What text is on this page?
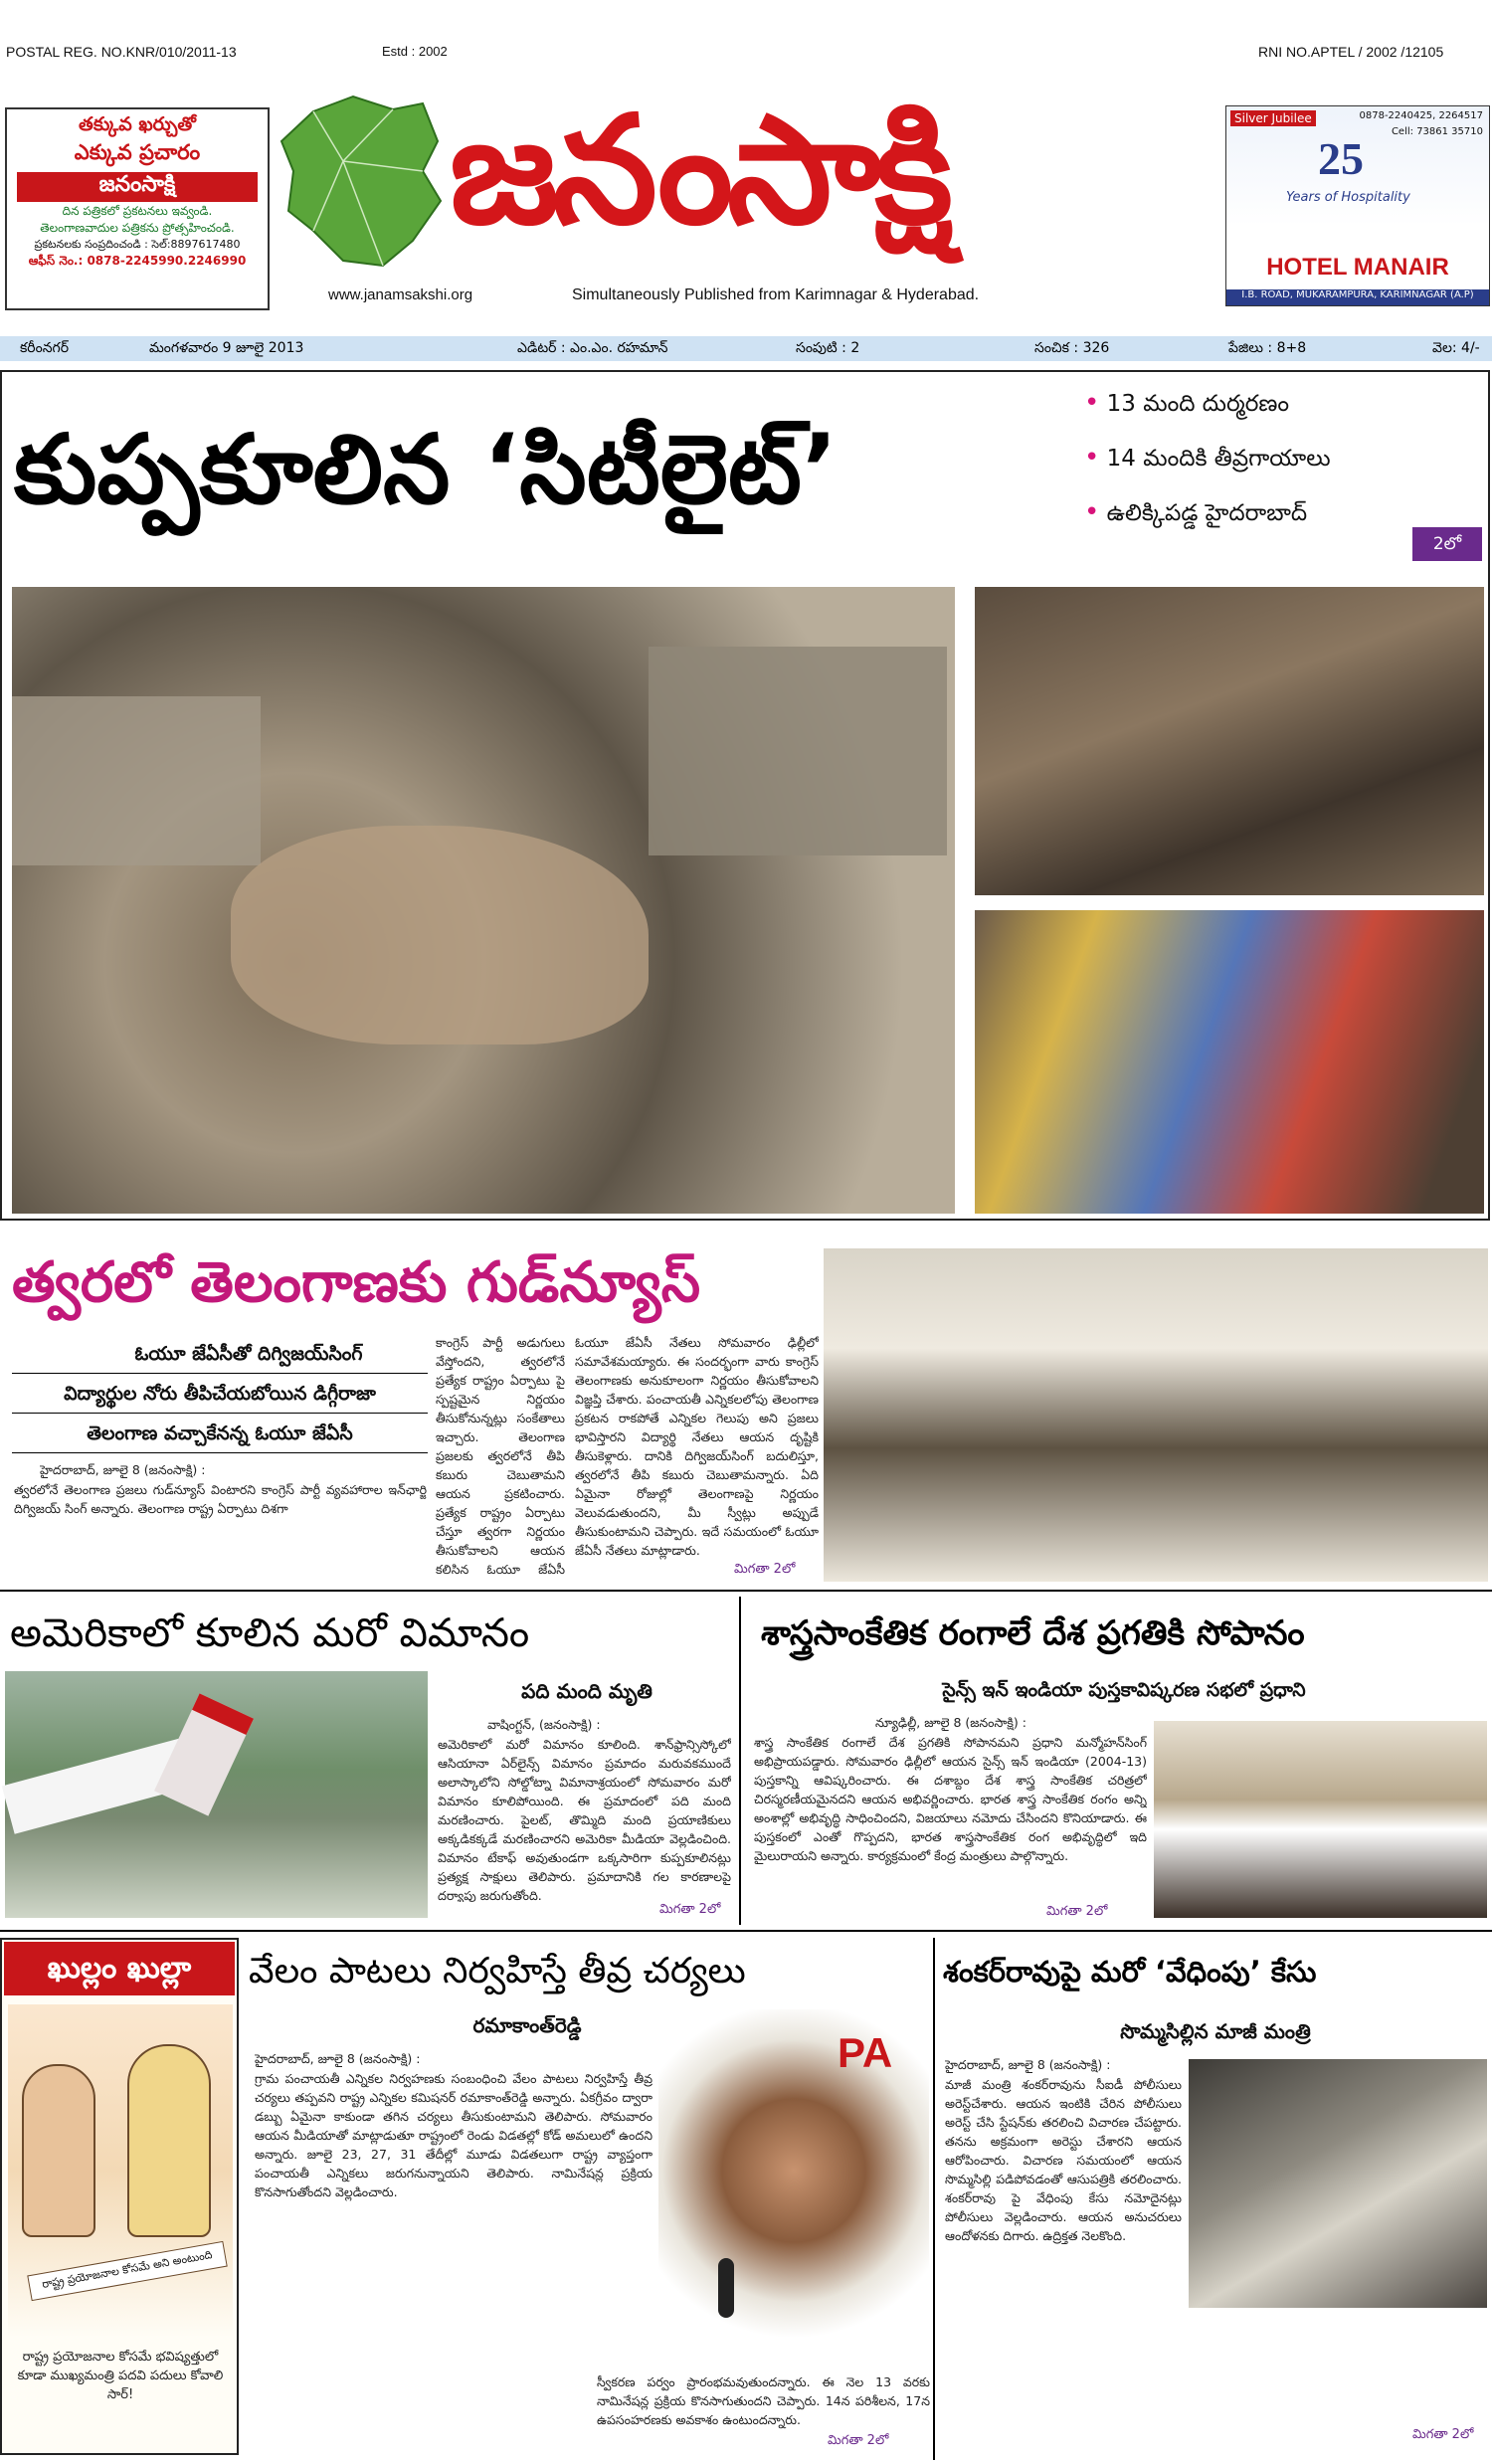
POSTAL REG. NO.KNR/010/2011-13	Estd : 2002	RNI NO.APTEL / 2002 /12105
తక్కువ ఖర్చుతో
ఎక్కువ ప్రచారం
జనంసాక్షి
దిన పత్రికలో ప్రకటనలు ఇవ్వండి.
తెలంగాణవాదుల పత్రికను ప్రోత్సహించండి.
ప్రకటనలకు సంప్రదించండి : సెల్:8897617480
ఆఫీస్ నెం.: 0878-2245990.2246990
జనంసాక్షి
www.janamsakshi.org	Simultaneously Published from Karimnagar & Hyderabad.
Silver Jubilee	0878-2240425, 2264517
Cell: 73861 35710
25
Years of Hospitality
HOTEL MANAIR
I.B. ROAD, MUKARAMPURA, KARIMNAGAR (A.P)
కరీంనగర్	మంగళవారం 9 జూలై 2013	ఎడిటర్ : ఎం.ఎం. రహమాన్	సంపుటి : 2	సంచిక : 326	పేజిలు : 8+8	వెల: 4/-
కుప్పకూలిన ‘సిటీలైట్’
• 13 మంది దుర్మరణం
• 14 మందికి తీవ్రగాయాలు
• ఉలిక్కిపడ్డ హైదరాబాద్
2లో
త్వరలో తెలంగాణకు గుడ్‌న్యూస్
ఓయూ జేఏసీతో దిగ్విజయ్‌సింగ్
విద్యార్థుల నోరు తీపిచేయబోయిన డిగ్గీరాజా
తెలంగాణ వచ్చాకేనన్న ఓయూ జేఏసీ
హైదరాబాద్, జూలై 8 (జనంసాక్షి) :
త్వరలోనే తెలంగాణ ప్రజలు గుడ్‌న్యూస్ వింటారని కాంగ్రెస్ పార్టీ వ్యవహారాల ఇన్‌ఛార్జి దిగ్విజయ్‌ సింగ్ అన్నారు. తెలంగాణ రాష్ట్ర ఏర్పాటు దిశగా
కాంగ్రెస్ పార్టీ అడుగులు వేస్తోందని, త్వరలోనే ప్రత్యేక రాష్ట్రం ఏర్పాటు పై స్పష్టమైన నిర్ణయం తీసుకోనున్నట్లు సంకేతాలు ఇచ్చారు. తెలంగాణ ప్రజలకు త్వరలోనే తీపి కబురు చెబుతామని ఆయన ప్రకటించారు. ప్రత్యేక రాష్ట్రం ఏర్పాటు చేస్తూ త్వరగా నిర్ణయం తీసుకోవాలని ఆయన కలిసిన ఓయూ జేఏసీ
ఓయూ జేఏసీ నేతలు సోమవారం ఢిల్లీలో సమావేశమయ్యారు. ఈ సందర్భంగా వారు కాంగ్రెస్ తెలంగాణకు అనుకూలంగా నిర్ణయం తీసుకోవాలని విజ్ఞప్తి చేశారు. పంచాయతీ ఎన్నికలలోపు తెలంగాణ ప్రకటన రాకపోతే ఎన్నికల గెలుపు అని ప్రజలు భావిస్తారని విద్యార్థి నేతలు ఆయన దృష్టికి తీసుకెళ్లారు. దానికి దిగ్విజయ్‌సింగ్ బదులిస్తూ, త్వరలోనే తీపి కబురు చెబుతామన్నారు. ఏది ఏమైనా రోజుల్లో తెలంగాణపై నిర్ణయం వెలువడుతుందని, మీ స్వీట్లు అప్పుడే తీసుకుంటామని చెప్పారు. ఇదే సమయంలో ఓయూ జేఏసీ నేతలు మాట్లాడారు.
మిగతా 2లో
అమెరికాలో కూలిన మరో విమానం
పది మంది మృతి
వాషింగ్టన్, (జనంసాక్షి) :
అమెరికాలో మరో విమానం కూలింది. శాన్‌ఫ్రాన్సిస్కోలో ఆసియానా ఏర్‌లైన్స్ విమానం ప్రమాదం మరువకముందే అలాస్కాలోని సోల్డోట్నా విమానాశ్రయంలో సోమవారం మరో విమానం కూలిపోయింది. ఈ ప్రమాదంలో పది మంది మరణించారు. పైలట్, తొమ్మిది మంది ప్రయాణికులు అక్కడికక్కడే మరణించారని అమెరికా మీడియా వెల్లడించింది. విమానం టేకాఫ్ అవుతుండగా ఒక్కసారిగా కుప్పకూలినట్లు ప్రత్యక్ష సాక్షులు తెలిపారు. ప్రమాదానికి గల కారణాలపై దర్యాప్తు జరుగుతోంది.
మిగతా 2లో
శాస్త్రసాంకేతిక రంగాలే దేశ ప్రగతికి సోపానం
సైన్స్ ఇన్ ఇండియా పుస్తకావిష్కరణ సభలో ప్రధాని
న్యూఢిల్లీ, జూలై 8 (జనంసాక్షి) :
శాస్త్ర సాంకేతిక రంగాలే దేశ ప్రగతికి సోపానమని ప్రధాని మన్మోహన్‌సింగ్ అభిప్రాయపడ్డారు. సోమవారం ఢిల్లీలో ఆయన సైన్స్ ఇన్ ఇండియా (2004-13) పుస్తకాన్ని ఆవిష్కరించారు. ఈ దశాబ్దం దేశ శాస్త్ర సాంకేతిక చరిత్రలో చిరస్మరణీయమైనదని ఆయన అభివర్ణించారు. భారత శాస్త్ర సాంకేతిక రంగం అన్ని అంశాల్లో అభివృద్ధి సాధించిందని, విజయాలు నమోదు చేసిందని కొనియాడారు. ఈ పుస్తకంలో ఎంతో గొప్పదని, భారత శాస్త్రసాంకేతిక రంగ అభివృద్ధిలో ఇది మైలురాయని అన్నారు. కార్యక్రమంలో కేంద్ర మంత్రులు పాల్గొన్నారు.
మిగతా 2లో
ఖుల్లం ఖుల్లా
రాష్ట్ర ప్రయోజనాల కోసమే అని అంటుంది
రాష్ట్ర ప్రయోజనాల కోసమే భవిష్యత్తులో కూడా ముఖ్యమంత్రి పదవి పదులు కోవాలి సార్!
వేలం పాటలు నిర్వహిస్తే తీవ్ర చర్యలు
రమాకాంత్‌రెడ్డి
హైదరాబాద్, జూలై 8 (జనంసాక్షి) :
గ్రామ పంచాయతీ ఎన్నికల నిర్వహణకు సంబంధించి వేలం పాటలు నిర్వహిస్తే తీవ్ర చర్యలు తప్పవని రాష్ట్ర ఎన్నికల కమిషనర్ రమాకాంత్‌రెడ్డి అన్నారు. ఏకగ్రీవం ద్వారా డబ్బు ఏమైనా కాకుండా తగిన చర్యలు తీసుకుంటామని తెలిపారు. సోమవారం ఆయన మీడియాతో మాట్లాడుతూ రాష్ట్రంలో రెండు విడతల్లో కోడ్ అమలులో ఉందని అన్నారు. జూలై 23, 27, 31 తేదీల్లో మూడు విడతలుగా రాష్ట్ర వ్యాప్తంగా పంచాయతీ ఎన్నికలు జరుగనున్నాయని తెలిపారు. నామినేషన్ల ప్రక్రియ కొనసాగుతోందని వెల్లడించారు.
PA
స్వీకరణ పర్వం ప్రారంభమవుతుందన్నారు. ఈ నెల 13 వరకు నామినేషన్ల ప్రక్రియ కొనసాగుతుందని చెప్పారు. 14న పరిశీలన, 17న ఉపసంహరణకు అవకాశం ఉంటుందన్నారు.
మిగతా 2లో
శంకర్‌రావుపై మరో ‘వేధింపు’ కేసు
సొమ్మసిల్లిన మాజీ మంత్రి
హైదరాబాద్, జూలై 8 (జనంసాక్షి) :
మాజీ మంత్రి శంకర్‌రావును సీఐడీ పోలీసులు అరెస్ట్‌చేశారు. ఆయన ఇంటికి చేరిన పోలీసులు అరెస్ట్ చేసి స్టేషన్‌కు తరలించి విచారణ చేపట్టారు. తనను అక్రమంగా అరెస్టు చేశారని ఆయన ఆరోపించారు. విచారణ సమయంలో ఆయన సొమ్మసిల్లి పడిపోవడంతో ఆసుపత్రికి తరలించారు. శంకర్‌రావు పై వేధింపు కేసు నమోదైనట్లు పోలీసులు వెల్లడించారు. ఆయన అనుచరులు ఆందోళనకు దిగారు. ఉద్రిక్తత నెలకొంది.
మిగతా 2లో
